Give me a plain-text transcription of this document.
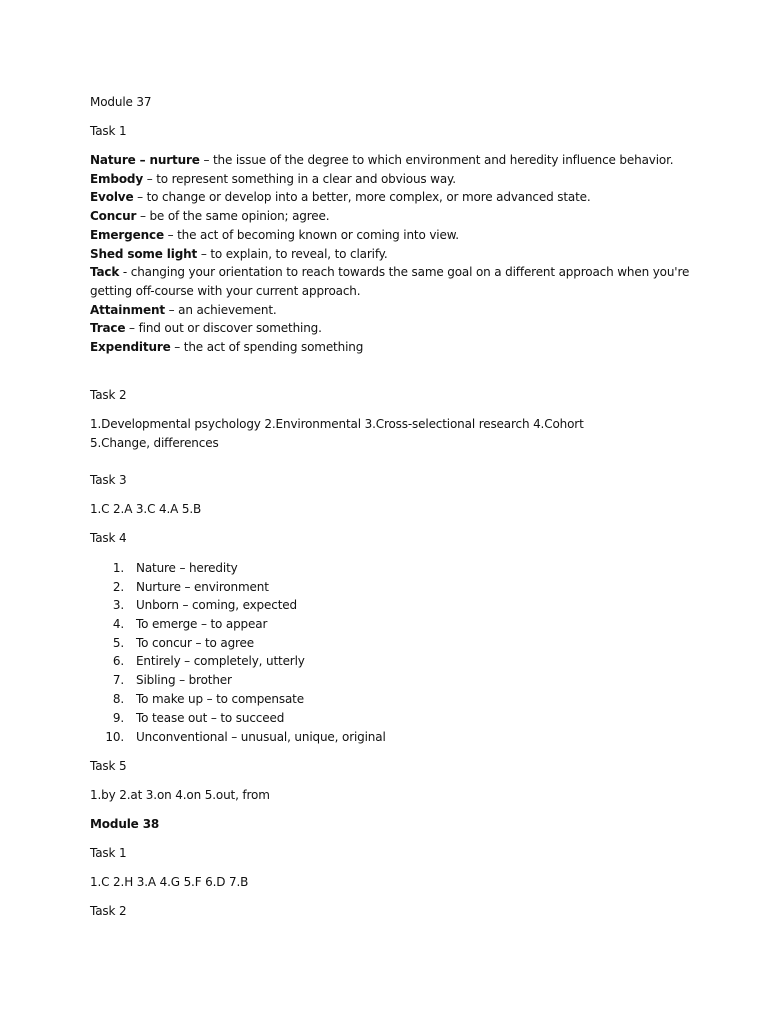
Module 37
Task 1
Nature – nurture – the issue of the degree to which environment and heredity influence behavior.
Embody – to represent something in a clear and obvious way.
Evolve – to change or develop into a better, more complex, or more advanced state.
Concur – be of the same opinion; agree.
Emergence – the act of becoming known or coming into view.
Shed some light – to explain, to reveal, to clarify.
Tack - changing your orientation to reach towards the same goal on a different approach when you're
getting off-course with your current approach.
Attainment – an achievement.
Trace – find out or discover something.
Expenditure – the act of spending something
Task 2
1.Developmental psychology 2.Environmental 3.Cross-selectional research 4.Cohort
5.Change, differences
Task 3
1.C 2.A 3.C 4.A 5.B
Task 4
1. Nature – heredity
2. Nurture – environment
3. Unborn – coming, expected
4. To emerge – to appear
5. To concur – to agree
6. Entirely – completely, utterly
7. Sibling – brother
8. To make up – to compensate
9. To tease out – to succeed
10. Unconventional – unusual, unique, original
Task 5
1.by 2.at 3.on 4.on 5.out, from
Module 38
Task 1
1.C 2.H 3.A 4.G 5.F 6.D 7.B
Task 2
